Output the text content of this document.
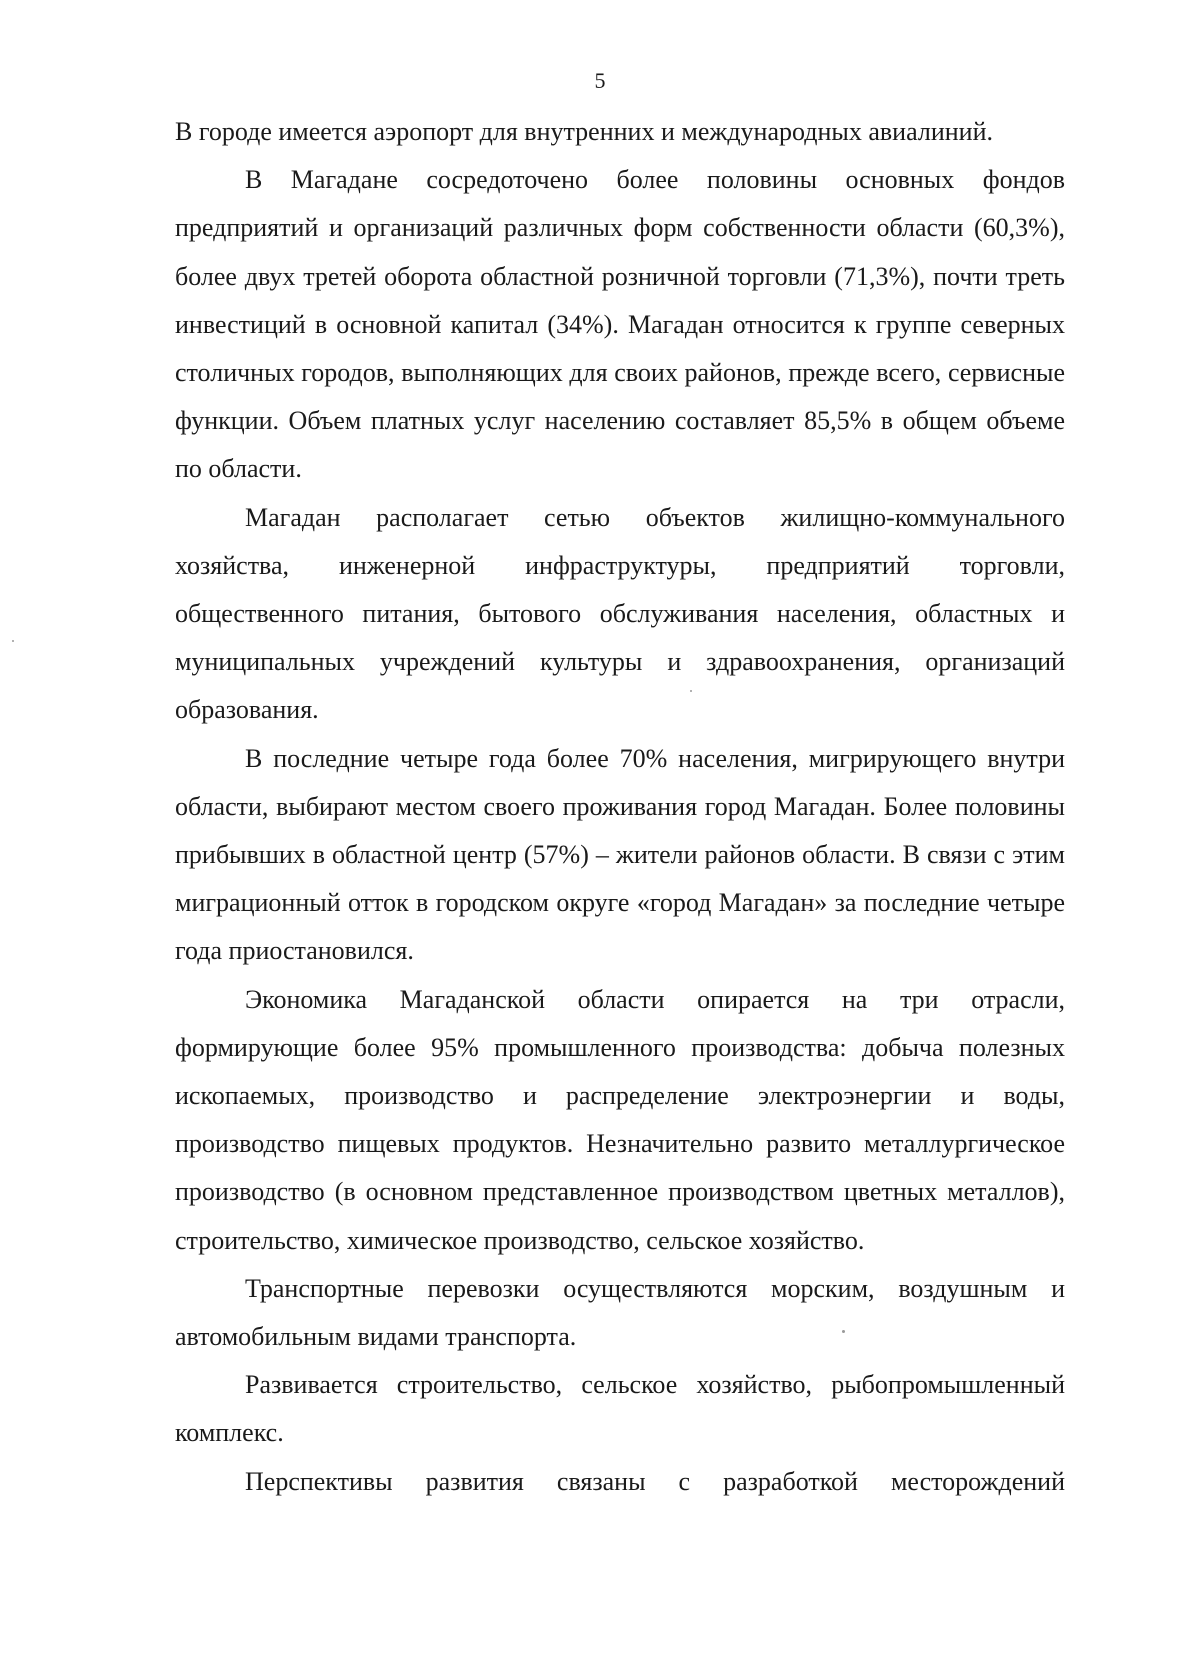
5

В городе имеется аэропорт для внутренних и международных авиалиний.

В Магадане сосредоточено более половины основных фондов предприятий и организаций различных форм собственности области (60,3%), более двух третей оборота областной розничной торговли (71,3%), почти треть инвестиций в основной капитал (34%). Магадан относится к группе северных столичных городов, выполняющих для своих районов, прежде всего, сервисные функции. Объем платных услуг населению составляет 85,5% в общем объеме по области.

Магадан располагает сетью объектов жилищно-коммунального хозяйства, инженерной инфраструктуры, предприятий торговли, общественного питания, бытового обслуживания населения, областных и муниципальных учреждений культуры и здравоохранения, организаций образования.

В последние четыре года более 70% населения, мигрирующего внутри области, выбирают местом своего проживания город Магадан. Более половины прибывших в областной центр (57%) – жители районов области. В связи с этим миграционный отток в городском округе «город Магадан» за последние четыре года приостановился.

Экономика Магаданской области опирается на три отрасли, формирующие более 95% промышленного производства: добыча полезных ископаемых, производство и распределение электроэнергии и воды, производство пищевых продуктов. Незначительно развито металлургическое производство (в основном представленное производством цветных металлов), строительство, химическое производство, сельское хозяйство.

Транспортные перевозки осуществляются морским, воздушным и автомобильным видами транспорта.

Развивается строительство, сельское хозяйство, рыбопромышленный комплекс.

Перспективы развития связаны с разработкой месторождений
